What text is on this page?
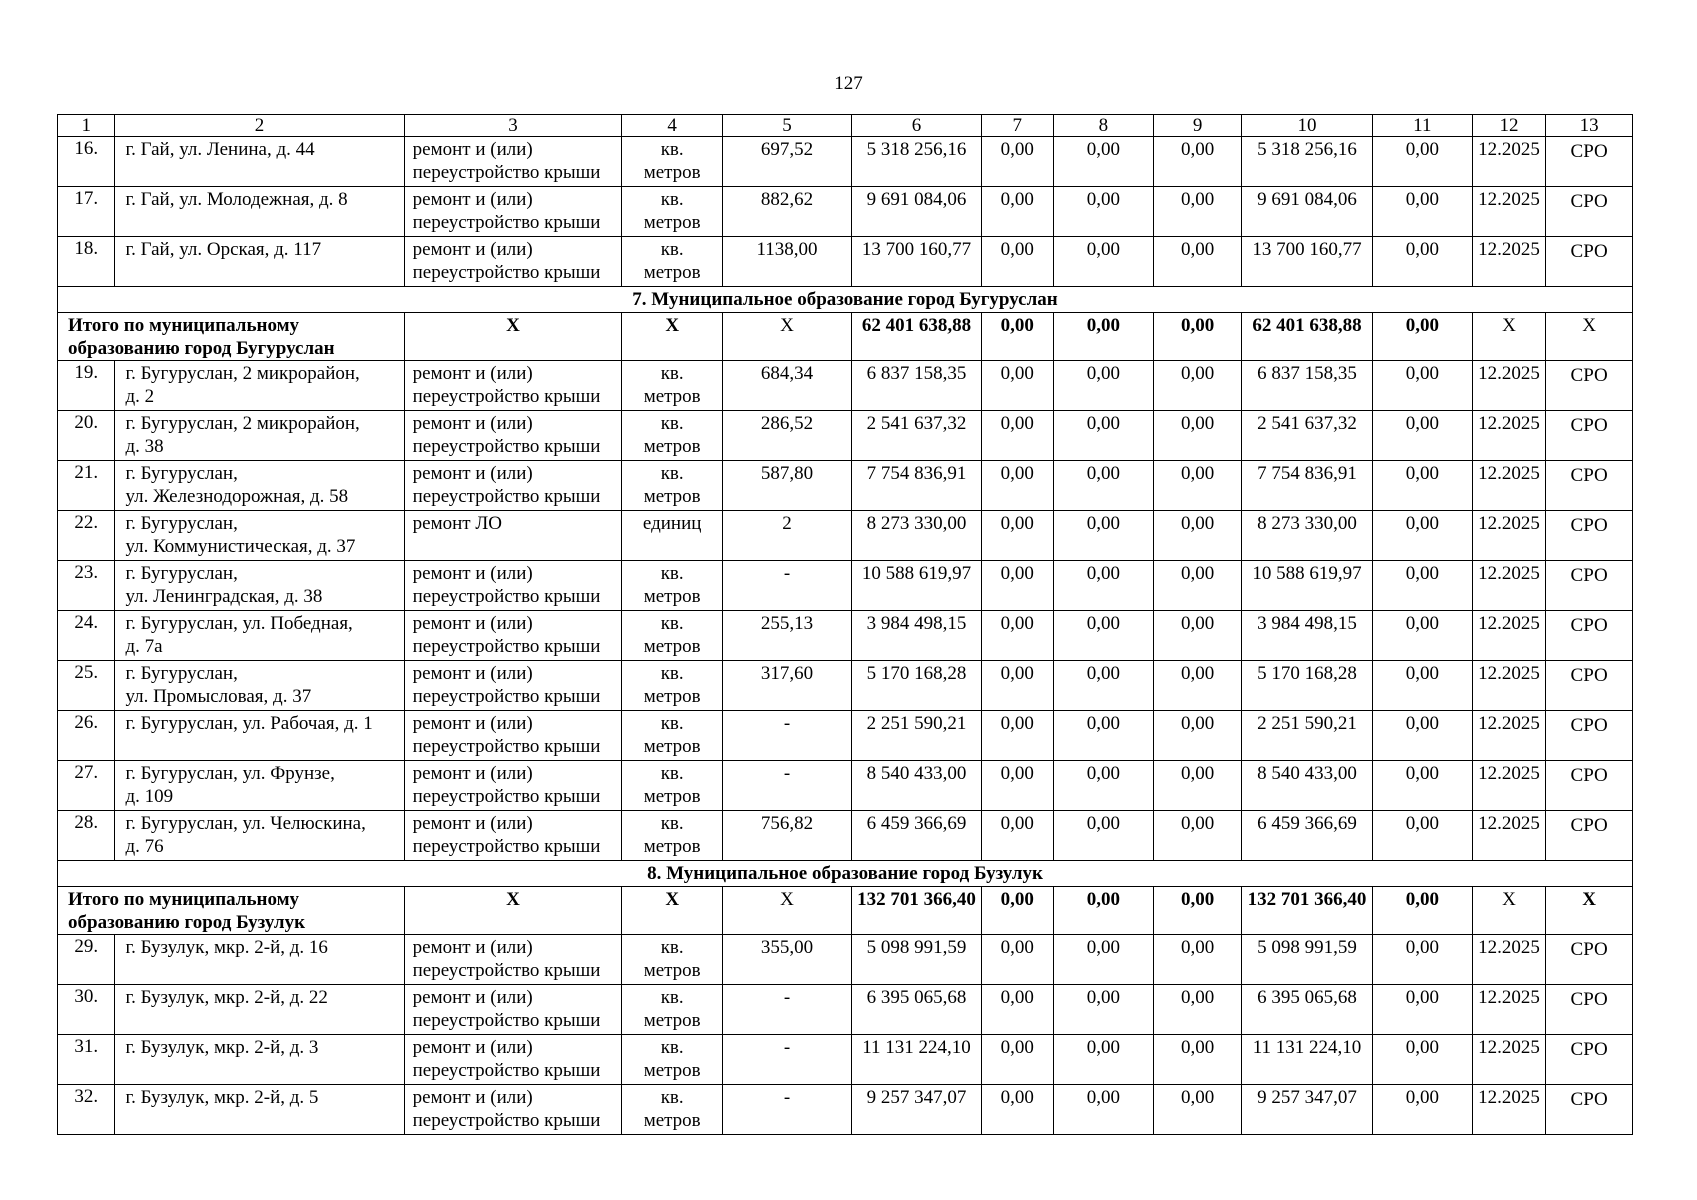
127
1	2	3	4	5	6	7	8	9	10	11	12	13
16.	г. Гай, ул. Ленина, д. 44	ремонт и (или)
переустройство крыши	кв.
метров	697,52	5 318 256,16	0,00	0,00	0,00	5 318 256,16	0,00	12.2025	СРО
17.	г. Гай, ул. Молодежная, д. 8	ремонт и (или)
переустройство крыши	кв.
метров	882,62	9 691 084,06	0,00	0,00	0,00	9 691 084,06	0,00	12.2025	СРО
18.	г. Гай, ул. Орская, д. 117	ремонт и (или)
переустройство крыши	кв.
метров	1138,00	13 700 160,77	0,00	0,00	0,00	13 700 160,77	0,00	12.2025	СРО
7. Муниципальное образование город Бугуруслан												
Итого по муниципальному
образованию город Бугуруслан		X	X	X	62 401 638,88	0,00	0,00	0,00	62 401 638,88	0,00	X	X
19.	г. Бугуруслан, 2 микрорайон,
д. 2	ремонт и (или)
переустройство крыши	кв.
метров	684,34	6 837 158,35	0,00	0,00	0,00	6 837 158,35	0,00	12.2025	СРО
20.	г. Бугуруслан, 2 микрорайон,
д. 38	ремонт и (или)
переустройство крыши	кв.
метров	286,52	2 541 637,32	0,00	0,00	0,00	2 541 637,32	0,00	12.2025	СРО
21.	г. Бугуруслан,
ул. Железнодорожная, д. 58	ремонт и (или)
переустройство крыши	кв.
метров	587,80	7 754 836,91	0,00	0,00	0,00	7 754 836,91	0,00	12.2025	СРО
22.	г. Бугуруслан,
ул. Коммунистическая, д. 37	ремонт ЛО	единиц	2	8 273 330,00	0,00	0,00	0,00	8 273 330,00	0,00	12.2025	СРО
23.	г. Бугуруслан,
ул. Ленинградская, д. 38	ремонт и (или)
переустройство крыши	кв.
метров	-	10 588 619,97	0,00	0,00	0,00	10 588 619,97	0,00	12.2025	СРО
24.	г. Бугуруслан, ул. Победная,
д. 7а	ремонт и (или)
переустройство крыши	кв.
метров	255,13	3 984 498,15	0,00	0,00	0,00	3 984 498,15	0,00	12.2025	СРО
25.	г. Бугуруслан,
ул. Промысловая, д. 37	ремонт и (или)
переустройство крыши	кв.
метров	317,60	5 170 168,28	0,00	0,00	0,00	5 170 168,28	0,00	12.2025	СРО
26.	г. Бугуруслан, ул. Рабочая, д. 1	ремонт и (или)
переустройство крыши	кв.
метров	-	2 251 590,21	0,00	0,00	0,00	2 251 590,21	0,00	12.2025	СРО
27.	г. Бугуруслан, ул. Фрунзе,
д. 109	ремонт и (или)
переустройство крыши	кв.
метров	-	8 540 433,00	0,00	0,00	0,00	8 540 433,00	0,00	12.2025	СРО
28.	г. Бугуруслан, ул. Челюскина,
д. 76	ремонт и (или)
переустройство крыши	кв.
метров	756,82	6 459 366,69	0,00	0,00	0,00	6 459 366,69	0,00	12.2025	СРО
8. Муниципальное образование город Бузулук												
Итого по муниципальному
образованию город Бузулук		X	X	X	132 701 366,40	0,00	0,00	0,00	132 701 366,40	0,00	X	X
29.	г. Бузулук, мкр. 2-й, д. 16	ремонт и (или)
переустройство крыши	кв.
метров	355,00	5 098 991,59	0,00	0,00	0,00	5 098 991,59	0,00	12.2025	СРО
30.	г. Бузулук, мкр. 2-й, д. 22	ремонт и (или)
переустройство крыши	кв.
метров	-	6 395 065,68	0,00	0,00	0,00	6 395 065,68	0,00	12.2025	СРО
31.	г. Бузулук, мкр. 2-й, д. 3	ремонт и (или)
переустройство крыши	кв.
метров	-	11 131 224,10	0,00	0,00	0,00	11 131 224,10	0,00	12.2025	СРО
32.	г. Бузулук, мкр. 2-й, д. 5	ремонт и (или)
переустройство крыши	кв.
метров	-	9 257 347,07	0,00	0,00	0,00	9 257 347,07	0,00	12.2025	СРО
